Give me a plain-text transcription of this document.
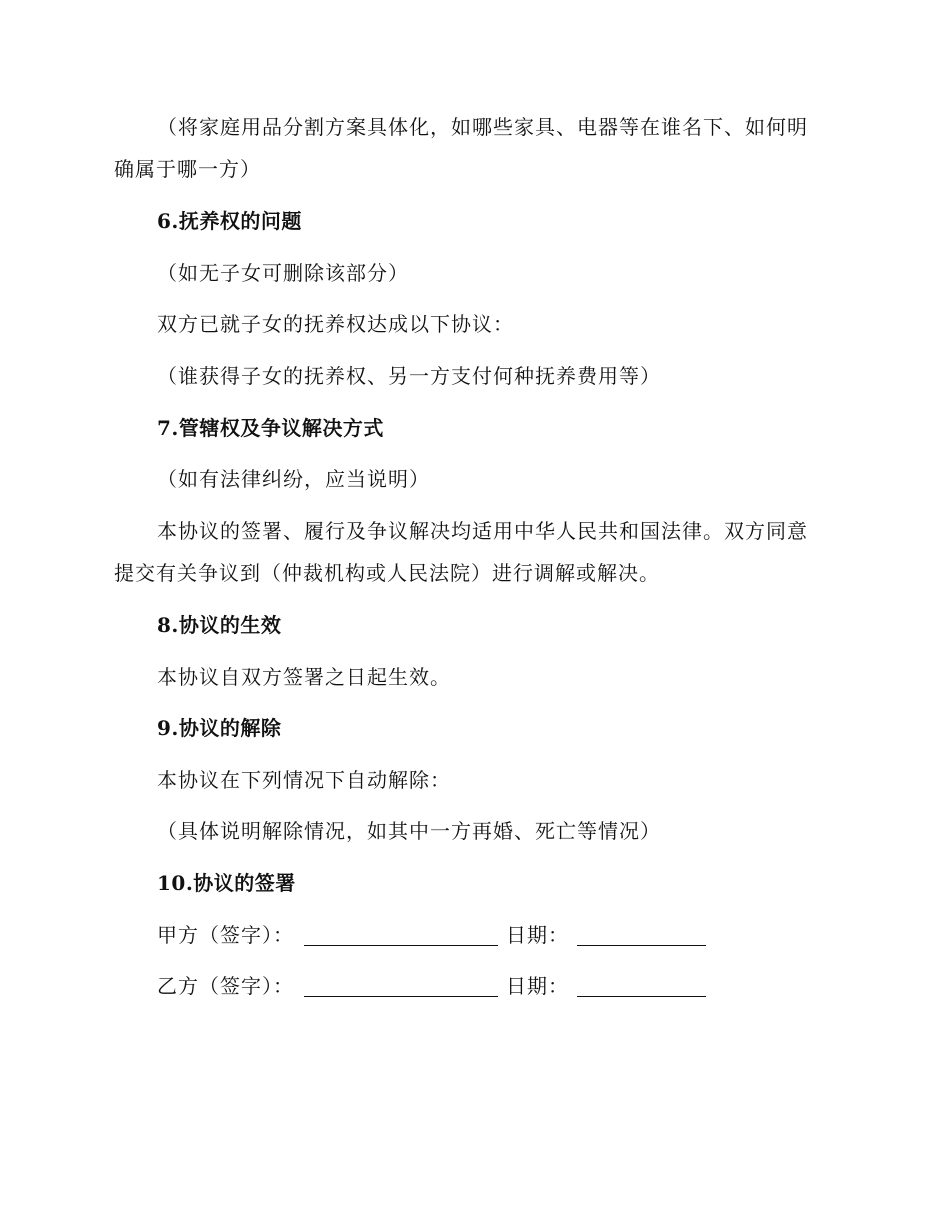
（将家庭用品分割方案具体化，如哪些家具、电器等在谁名下、如何明
确属于哪一方）
6.抚养权的问题
（如无子女可删除该部分）
双方已就子女的抚养权达成以下协议：
（谁获得子女的抚养权、另一方支付何种抚养费用等）
7.管辖权及争议解决方式
（如有法律纠纷，应当说明）
本协议的签署、履行及争议解决均适用中华人民共和国法律。双方同意
提交有关争议到（仲裁机构或人民法院）进行调解或解决。
8.协议的生效
本协议自双方签署之日起生效。
9.协议的解除
本协议在下列情况下自动解除：
（具体说明解除情况，如其中一方再婚、死亡等情况）
10.协议的签署
甲方（签字）：	日期：
乙方（签字）：	日期：
